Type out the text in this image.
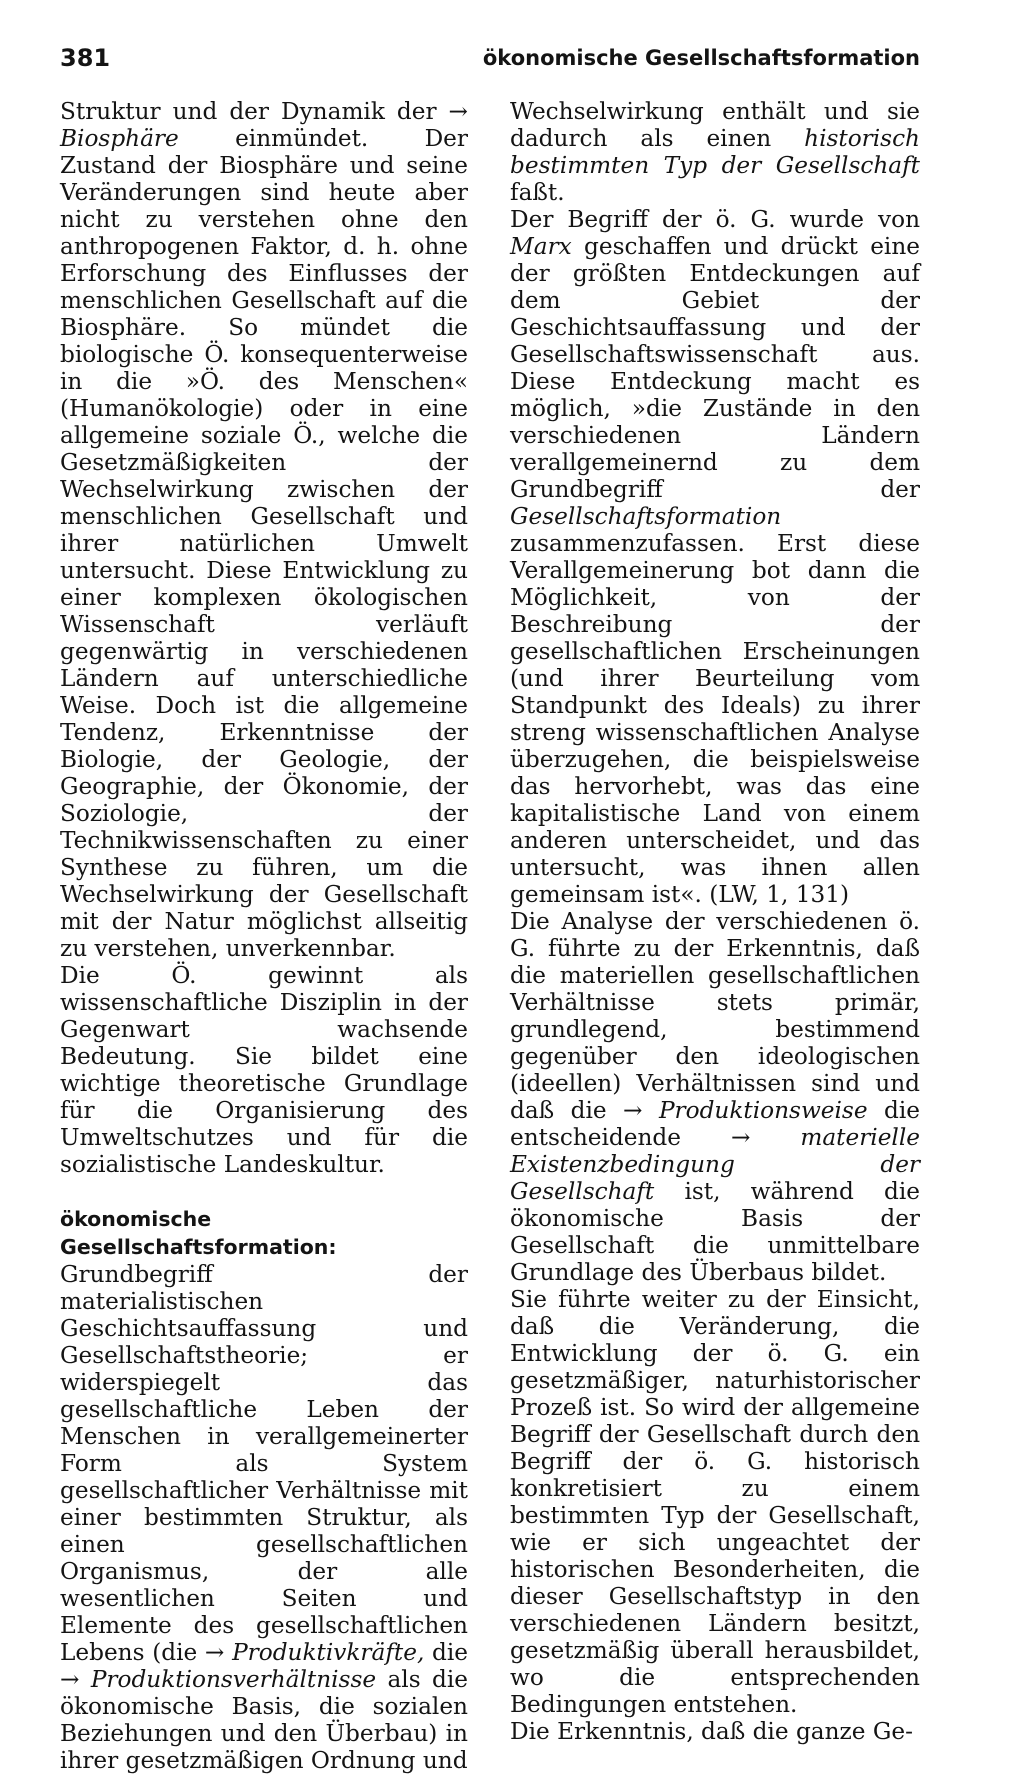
381	ökonomische Gesellschaftsformation

Struktur und der Dynamik der → Biosphäre einmündet. Der Zustand der Biosphäre und seine Veränderungen sind heute aber nicht zu verstehen ohne den anthropogenen Faktor, d. h. ohne Erforschung des Einflusses der menschlichen Gesellschaft auf die Biosphäre. So mündet die biologische Ö. konsequenterweise in die »Ö. des Menschen« (Humanökologie) oder in eine allgemeine soziale Ö., welche die Gesetzmäßigkeiten der Wechselwirkung zwischen der menschlichen Gesellschaft und ihrer natürlichen Umwelt untersucht. Diese Entwicklung zu einer komplexen ökologischen Wissenschaft verläuft gegenwärtig in verschiedenen Ländern auf unterschiedliche Weise. Doch ist die allgemeine Tendenz, Erkenntnisse der Biologie, der Geologie, der Geographie, der Ökonomie, der Soziologie, der Technikwissenschaften zu einer Synthese zu führen, um die Wechselwirkung der Gesellschaft mit der Natur möglichst allseitig zu verstehen, unverkennbar.

Die Ö. gewinnt als wissenschaftliche Disziplin in der Gegenwart wachsende Bedeutung. Sie bildet eine wichtige theoretische Grundlage für die Organisierung des Umweltschutzes und für die sozialistische Landeskultur.

ökonomische Gesellschaftsformation: Grundbegriff der materialistischen Geschichtsauffassung und Gesellschaftstheorie; er widerspiegelt das gesellschaftliche Leben der Menschen in verallgemeinerter Form als System gesellschaftlicher Verhältnisse mit einer bestimmten Struktur, als einen gesellschaftlichen Organismus, der alle wesentlichen Seiten und Elemente des gesellschaftlichen Lebens (die → Produktivkräfte, die → Produktionsverhältnisse als die ökonomische Basis, die sozialen Beziehungen und den Überbau) in ihrer gesetzmäßigen Ordnung und

Wechselwirkung enthält und sie dadurch als einen historisch bestimmten Typ der Gesellschaft faßt.

Der Begriff der ö. G. wurde von Marx geschaffen und drückt eine der größten Entdeckungen auf dem Gebiet der Geschichtsauffassung und der Gesellschaftswissenschaft aus. Diese Entdeckung macht es möglich, »die Zustände in den verschiedenen Ländern verallgemeinernd zu dem Grundbegriff der Gesellschaftsformation zusammenzufassen. Erst diese Verallgemeinerung bot dann die Möglichkeit, von der Beschreibung der gesellschaftlichen Erscheinungen (und ihrer Beurteilung vom Standpunkt des Ideals) zu ihrer streng wissenschaftlichen Analyse überzugehen, die beispielsweise das hervorhebt, was das eine kapitalistische Land von einem anderen unterscheidet, und das untersucht, was ihnen allen gemeinsam ist«. (LW, 1, 131)

Die Analyse der verschiedenen ö. G. führte zu der Erkenntnis, daß die materiellen gesellschaftlichen Verhältnisse stets primär, grundlegend, bestimmend gegenüber den ideologischen (ideellen) Verhältnissen sind und daß die → Produktionsweise die entscheidende → materielle Existenzbedingung der Gesellschaft ist, während die ökonomische Basis der Gesellschaft die unmittelbare Grundlage des Überbaus bildet.

Sie führte weiter zu der Einsicht, daß die Veränderung, die Entwicklung der ö. G. ein gesetzmäßiger, naturhistorischer Prozeß ist. So wird der allgemeine Begriff der Gesellschaft durch den Begriff der ö. G. historisch konkretisiert zu einem bestimmten Typ der Gesellschaft, wie er sich ungeachtet der historischen Besonderheiten, die dieser Gesellschaftstyp in den verschiedenen Ländern besitzt, gesetzmäßig überall herausbildet, wo die entsprechenden Bedingungen entstehen.

Die Erkenntnis, daß die ganze Ge-
